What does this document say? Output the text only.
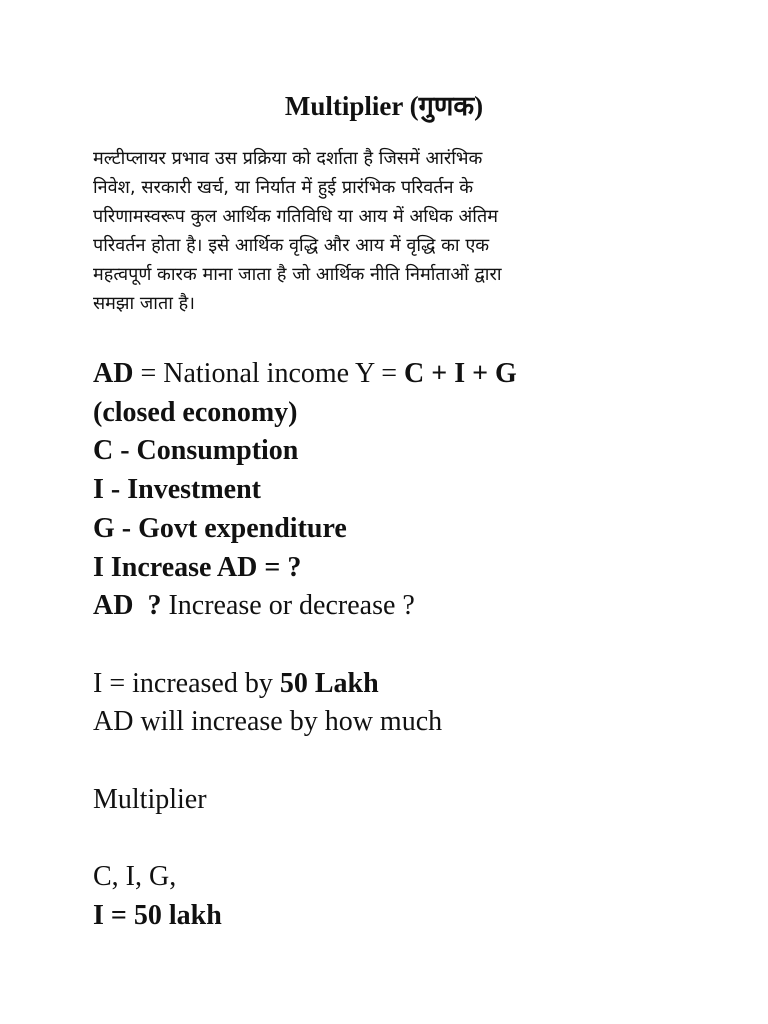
Multiplier (गुणक)

मल्टीप्लायर प्रभाव उस प्रक्रिया को दर्शाता है जिसमें आरंभिक
निवेश, सरकारी खर्च, या निर्यात में हुई प्रारंभिक परिवर्तन के
परिणामस्वरूप कुल आर्थिक गतिविधि या आय में अधिक अंतिम
परिवर्तन होता है। इसे आर्थिक वृद्धि और आय में वृद्धि का एक
महत्वपूर्ण कारक माना जाता है जो आर्थिक नीति निर्माताओं द्वारा
समझा जाता है।

AD = National income Y = C + I + G
(closed economy)
C - Consumption
I - Investment
G - Govt expenditure
I Increase AD = ?
AD  ? Increase or decrease ?
I = increased by 50 Lakh
AD will increase by how much
Multiplier
C, I, G,
I = 50 lakh
